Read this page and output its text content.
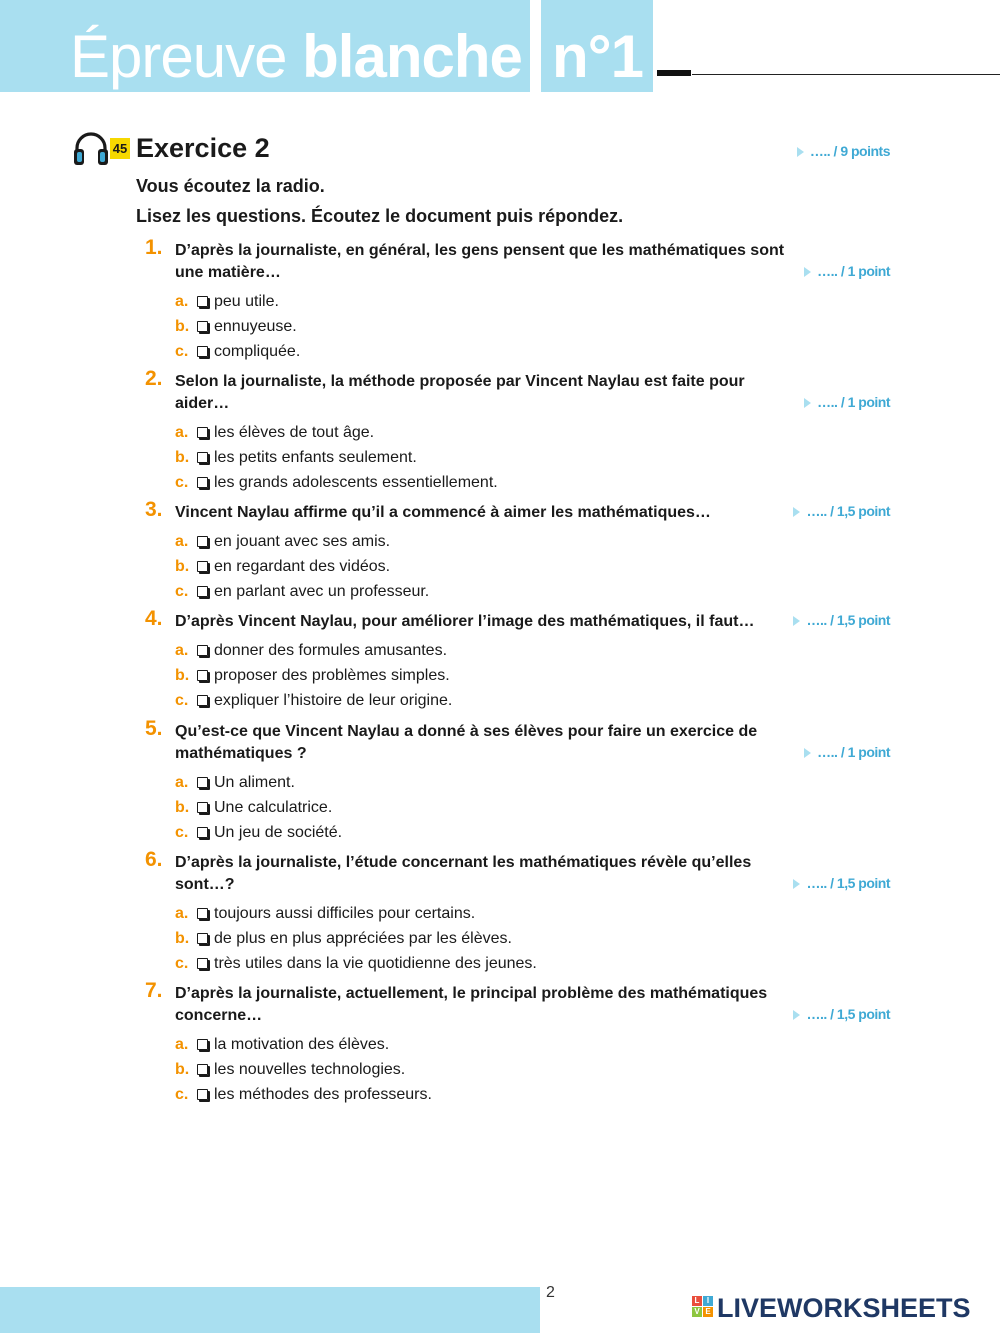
Épreuve blanche n°1
45 Exercice 2	….. / 9 points
Vous écoutez la radio.
Lisez les questions. Écoutez le document puis répondez.
1. D’après la journaliste, en général, les gens pensent que les mathématiques sont une matière…
a. peu utile.
b. ennuyeuse.
c. compliquée.
….. / 1 point
2. Selon la journaliste, la méthode proposée par Vincent Naylau est faite pour aider…
a. les élèves de tout âge.
b. les petits enfants seulement.
c. les grands adolescents essentiellement.
….. / 1 point
3. Vincent Naylau affirme qu’il a commencé à aimer les mathématiques…
a. en jouant avec ses amis.
b. en regardant des vidéos.
c. en parlant avec un professeur.
….. / 1,5 point
4. D’après Vincent Naylau, pour améliorer l’image des mathématiques, il faut…
a. donner des formules amusantes.
b. proposer des problèmes simples.
c. expliquer l’histoire de leur origine.
….. / 1,5 point
5. Qu’est-ce que Vincent Naylau a donné à ses élèves pour faire un exercice de mathématiques ?
a. Un aliment.
b. Une calculatrice.
c. Un jeu de société.
….. / 1 point
6. D’après la journaliste, l’étude concernant les mathématiques révèle qu’elles sont…?
a. toujours aussi difficiles pour certains.
b. de plus en plus appréciées par les élèves.
c. très utiles dans la vie quotidienne des jeunes.
….. / 1,5 point
7. D’après la journaliste, actuellement, le principal problème des mathématiques concerne…
a. la motivation des élèves.
b. les nouvelles technologies.
c. les méthodes des professeurs.
….. / 1,5 point
2	L I
V E LIVEWORKSHEETS
